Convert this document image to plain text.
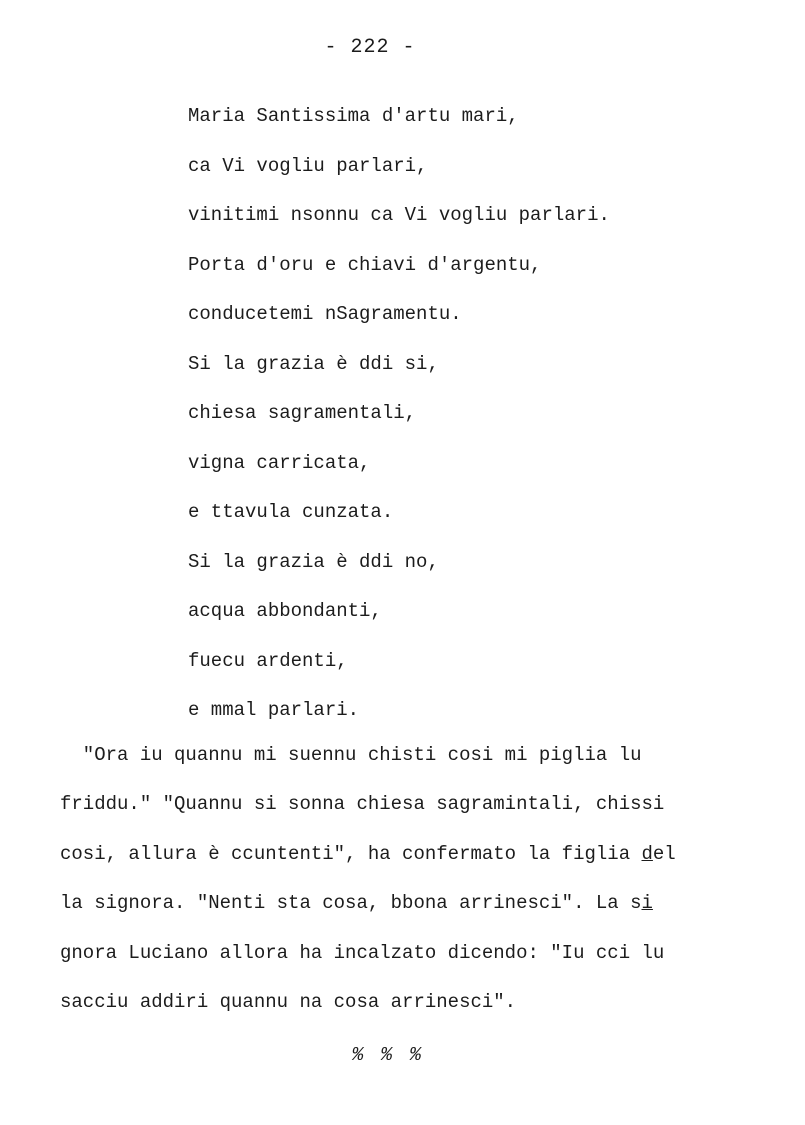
- 222 -
Maria Santissima d'artu mari,
ca Vi vogliu parlari,
vinitimi nsonnu ca Vi vogliu parlari.
Porta d'oru e chiavi d'argentu,
conducetemi nSagramentu.
Si la grazia è ddi si,
chiesa sagramentali,
vigna carricata,
e ttavula cunzata.
Si la grazia è ddi no,
acqua abbondanti,
fuecu ardenti,
e mmal parlari.
"Ora iu quannu mi suennu chisti cosi mi piglia lu
friddu." "Quannu si sonna chiesa sagramintali, chissi
cosi, allura è ccuntenti", ha confermato la figlia del
la signora. "Nenti sta cosa, bbona arrinesci". La si
gnora Luciano allora ha incalzato dicendo: "Iu cci lu
sacciu addiri quannu na cosa arrinesci".
% % %
